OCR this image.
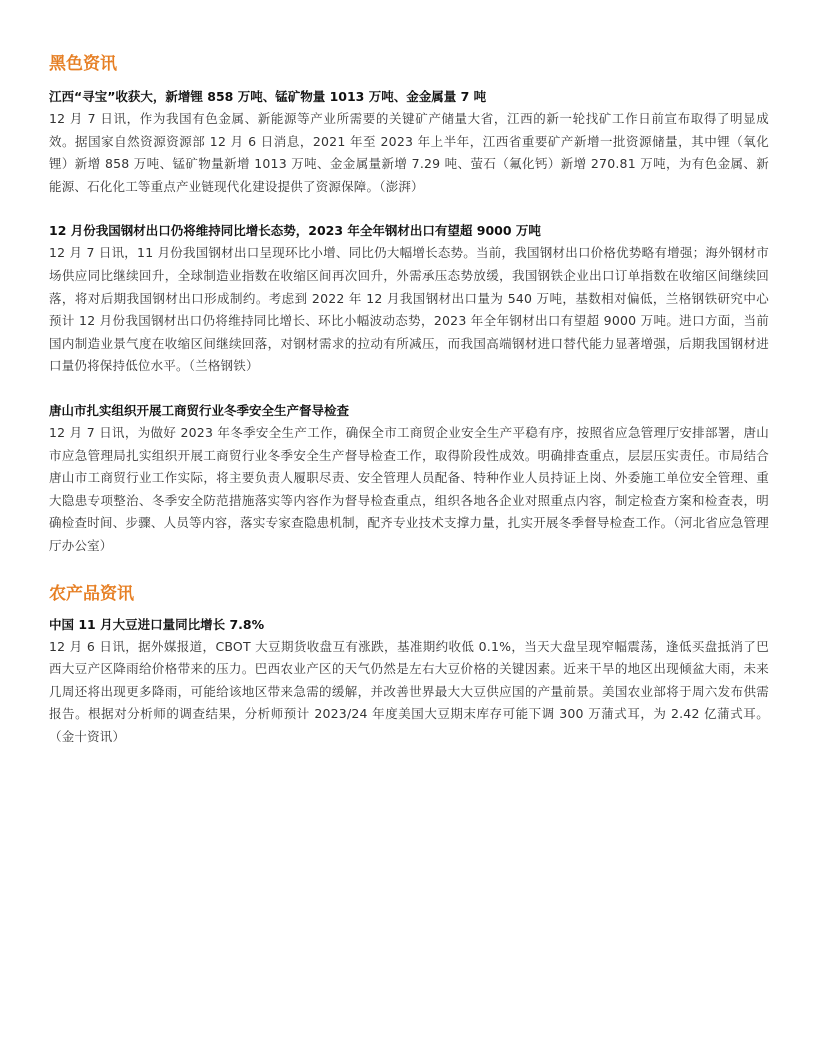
黑色资讯
江西“寻宝”收获大，新增锂 858 万吨、锰矿物量 1013 万吨、金金属量 7 吨

12 月 7 日讯，作为我国有色金属、新能源等产业所需要的关键矿产储量大省，江西的新一轮找矿工作日前宣布取得了明显成效。据国家自然资源资源部 12 月 6 日消息，2021 年至 2023 年上半年，江西省重要矿产新增一批资源储量，其中锂（氧化锂）新增 858 万吨、锰矿物量新增 1013 万吨、金金属量新增 7.29 吨、萤石（氟化钙）新增 270.81 万吨，为有色金属、新能源、石化化工等重点产业链现代化建设提供了资源保障。（澎湃）

12 月份我国钢材出口仍将维持同比增长态势，2023 年全年钢材出口有望超 9000 万吨

12 月 7 日讯，11 月份我国钢材出口呈现环比小增、同比仍大幅增长态势。当前，我国钢材出口价格优势略有增强；海外钢材市场供应同比继续回升，全球制造业指数在收缩区间再次回升，外需承压态势放缓，我国钢铁企业出口订单指数在收缩区间继续回落，将对后期我国钢材出口形成制约。考虑到 2022 年 12 月我国钢材出口量为 540 万吨，基数相对偏低，兰格钢铁研究中心预计 12 月份我国钢材出口仍将维持同比增长、环比小幅波动态势，2023 年全年钢材出口有望超 9000 万吨。进口方面，当前国内制造业景气度在收缩区间继续回落，对钢材需求的拉动有所减压，而我国高端钢材进口替代能力显著增强，后期我国钢材进口量仍将保持低位水平。（兰格钢铁）

唐山市扎实组织开展工商贸行业冬季安全生产督导检查

12 月 7 日讯，为做好 2023 年冬季安全生产工作，确保全市工商贸企业安全生产平稳有序，按照省应急管理厅安排部署，唐山市应急管理局扎实组织开展工商贸行业冬季安全生产督导检查工作，取得阶段性成效。明确排查重点，层层压实责任。市局结合唐山市工商贸行业工作实际，将主要负责人履职尽责、安全管理人员配备、特种作业人员持证上岗、外委施工单位安全管理、重大隐患专项整治、冬季安全防范措施落实等内容作为督导检查重点，组织各地各企业对照重点内容，制定检查方案和检查表，明确检查时间、步骤、人员等内容，落实专家查隐患机制，配齐专业技术支撑力量，扎实开展冬季督导检查工作。（河北省应急管理厅办公室）

农产品资讯
中国 11 月大豆进口量同比增长 7.8%

12 月 6 日讯，据外媒报道，CBOT 大豆期货收盘互有涨跌，基准期约收低 0.1%，当天大盘呈现窄幅震荡，逢低买盘抵消了巴西大豆产区降雨给价格带来的压力。巴西农业产区的天气仍然是左右大豆价格的关键因素。近来干旱的地区出现倾盆大雨，未来几周还将出现更多降雨，可能给该地区带来急需的缓解，并改善世界最大大豆供应国的产量前景。美国农业部将于周六发布供需报告。根据对分析师的调查结果，分析师预计 2023/24 年度美国大豆期末库存可能下调 300 万蒲式耳，为 2.42 亿蒲式耳。（金十资讯）
